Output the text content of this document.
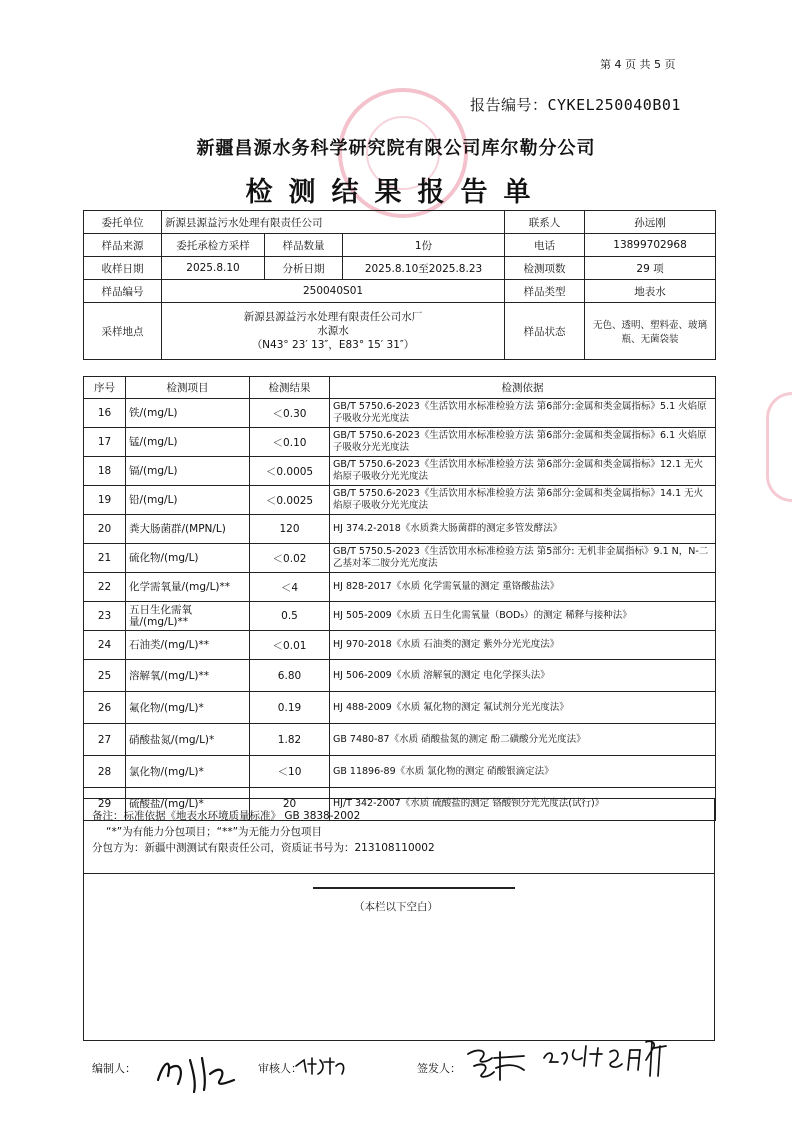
第 4 页 共 5 页
报告编号：CYKEL250040B01
新疆昌源水务科学研究院有限公司库尔勒分公司
检测结果报告单
委托单位	新源县源益污水处理有限责任公司			联系人	孙远刚
样品来源	委托承检方采样	样品数量	1份	电话	13899702968
收样日期	2025.8.10	分析日期	2025.8.10至2025.8.23	检测项数	29 项
样品编号	250040S01			样品类型	地表水
采样地点	新源县源益污水处理有限责任公司水厂
水源水
（N43° 23′ 13″，E83° 15′ 31″）			样品状态	无色、透明、塑料壶、玻璃瓶、无菌袋装
序号	检测项目	检测结果	检测依据
16	铁/(mg/L)	＜0.30	GB/T 5750.6-2023《生活饮用水标准检验方法 第6部分:金属和类金属指标》5.1 火焰原子吸收分光光度法
17	锰/(mg/L)	＜0.10	GB/T 5750.6-2023《生活饮用水标准检验方法 第6部分:金属和类金属指标》6.1 火焰原子吸收分光光度法
18	镉/(mg/L)	＜0.0005	GB/T 5750.6-2023《生活饮用水标准检验方法 第6部分:金属和类金属指标》12.1 无火焰原子吸收分光光度法
19	铅/(mg/L)	＜0.0025	GB/T 5750.6-2023《生活饮用水标准检验方法 第6部分:金属和类金属指标》14.1 无火焰原子吸收分光光度法
20	粪大肠菌群/(MPN/L)	120	HJ 374.2-2018《水质粪大肠菌群的测定多管发酵法》
21	硫化物/(mg/L)	＜0.02	GB/T 5750.5-2023《生活饮用水标准检验方法 第5部分: 无机非金属指标》9.1 N，N-二乙基对苯二胺分光光度法
22	化学需氧量/(mg/L)**	＜4	HJ 828-2017《水质 化学需氧量的测定 重铬酸盐法》
23	五日生化需氧量/(mg/L)**	0.5	HJ 505-2009《水质 五日生化需氧量（BOD₅）的测定 稀释与接种法》
24	石油类/(mg/L)**	＜0.01	HJ 970-2018《水质 石油类的测定 紫外分光光度法》
25	溶解氧/(mg/L)**	6.80	HJ 506-2009《水质 溶解氧的测定 电化学探头法》
26	氟化物/(mg/L)*	0.19	HJ 488-2009《水质 氟化物的测定 氟试剂分光光度法》
27	硝酸盐氮/(mg/L)*	1.82	GB 7480-87《水质 硝酸盐氮的测定 酚二磺酸分光光度法》
28	氯化物/(mg/L)*	＜10	GB 11896-89《水质 氯化物的测定 硝酸银滴定法》
29	硫酸盐/(mg/L)*	20	HJ/T 342-2007《水质 硫酸盐的测定 铬酸钡分光光度法(试行)》
备注：标准依据《地表水环境质量标准》 GB 3838-2002
“*”为有能力分包项目；“**”为无能力分包项目
分包方为：新疆中测测试有限责任公司，资质证书号为：213108110002
（本栏以下空白）
编制人：	审核人：	签发人：
